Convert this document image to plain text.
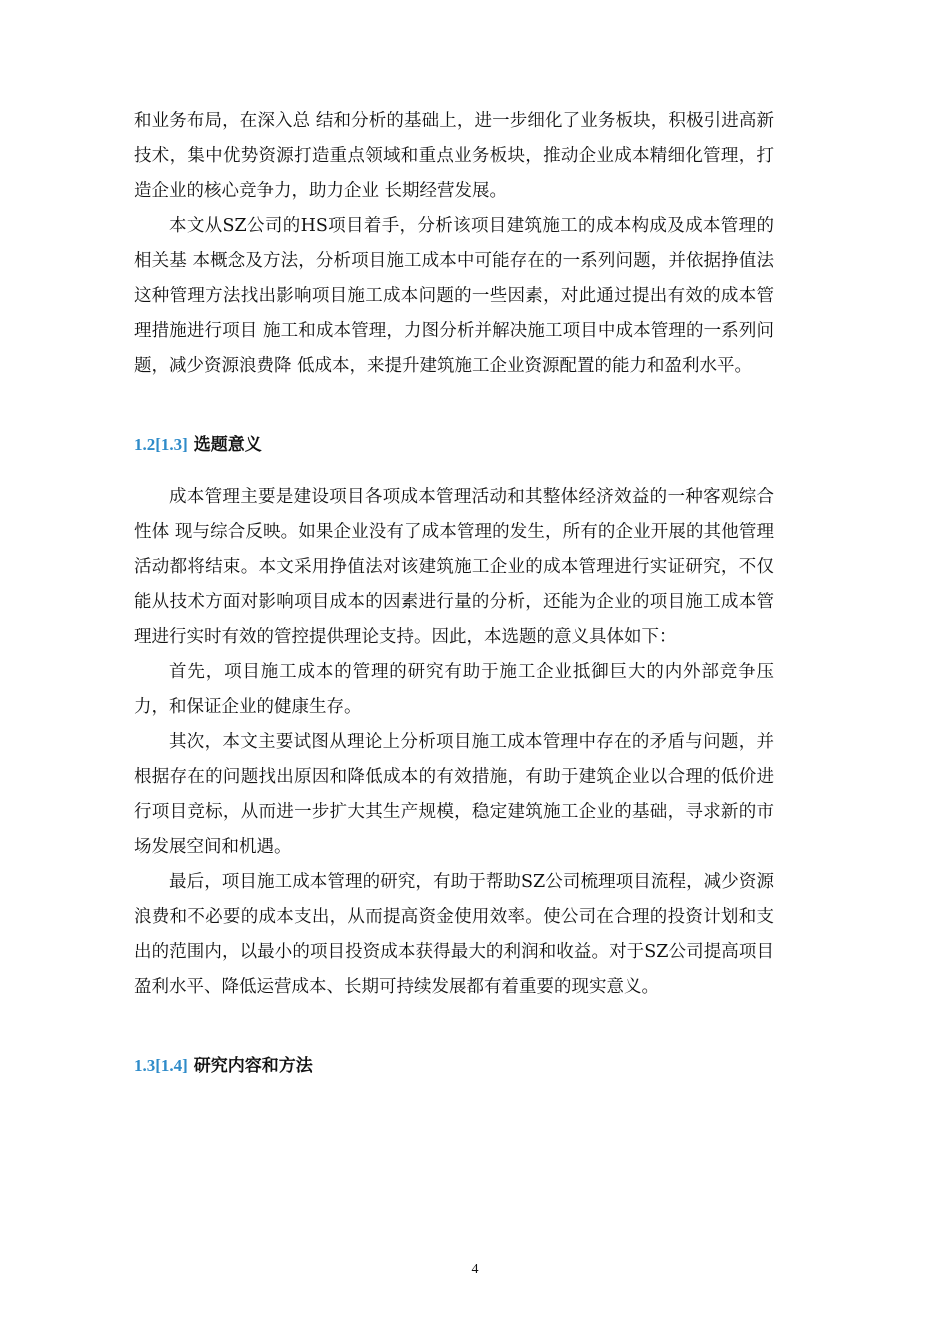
和业务布局，在深入总 结和分析的基础上，进一步细化了业务板块，积极引进高新技术，集中优势资源打造重点领域和重点业务板块，推动企业成本精细化管理，打造企业的核心竞争力，助力企业 长期经营发展。

本文从SZ公司的HS项目着手，分析该项目建筑施工的成本构成及成本管理的相关基 本概念及方法，分析项目施工成本中可能存在的一系列问题，并依据挣值法这种管理方法找出影响项目施工成本问题的一些因素，对此通过提出有效的成本管理措施进行项目 施工和成本管理，力图分析并解决施工项目中成本管理的一系列问题，减少资源浪费降 低成本，来提升建筑施工企业资源配置的能力和盈利水平。

1.2[1.3] 选题意义

成本管理主要是建设项目各项成本管理活动和其整体经济效益的一种客观综合性体 现与综合反映。如果企业没有了成本管理的发生，所有的企业开展的其他管理活动都将结束。本文采用挣值法对该建筑施工企业的成本管理进行实证研究，不仅能从技术方面对影响项目成本的因素进行量的分析，还能为企业的项目施工成本管理进行实时有效的管控提供理论支持。因此，本选题的意义具体如下：

首先，项目施工成本的管理的研究有助于施工企业抵御巨大的内外部竞争压力，和保证企业的健康生存。

其次，本文主要试图从理论上分析项目施工成本管理中存在的矛盾与问题，并根据存在的问题找出原因和降低成本的有效措施，有助于建筑企业以合理的低价进行项目竞标，从而进一步扩大其生产规模，稳定建筑施工企业的基础，寻求新的市场发展空间和机遇。

最后，项目施工成本管理的研究，有助于帮助SZ公司梳理项目流程，减少资源浪费和不必要的成本支出，从而提高资金使用效率。使公司在合理的投资计划和支出的范围内，以最小的项目投资成本获得最大的利润和收益。对于SZ公司提高项目盈利水平、降低运营成本、长期可持续发展都有着重要的现实意义。

1.3[1.4] 研究内容和方法
4
